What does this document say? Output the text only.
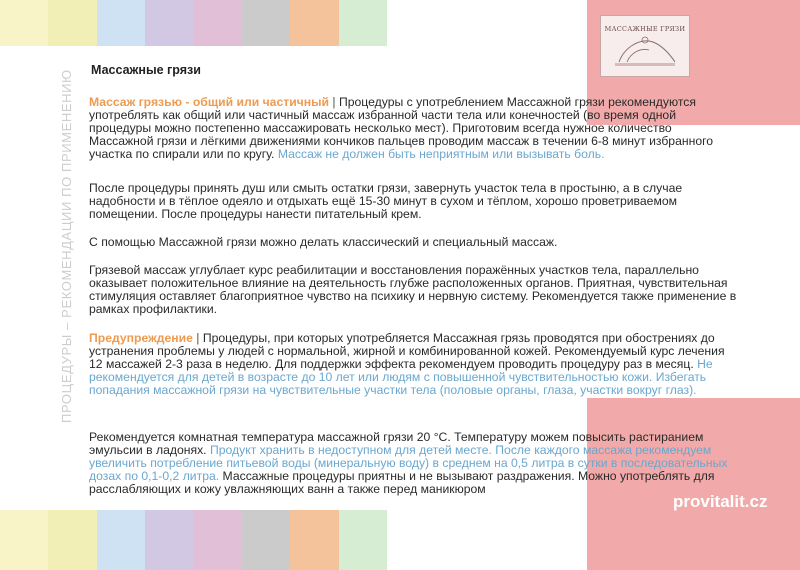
МАССАЖНЫЕ ГРЯЗИ
provitalit.cz
ПРОЦЕДУРЫ – РЕКОМЕНДАЦИИ ПО ПРИМЕНЕНИЮ Массажные грязи
Массаж грязью - общий или частичный | Процедуры с употреблением Массажной грязи рекомендуются употреблять как общий или частичный массаж избранной части тела или конечностей (во время одной процедуры можно постепенно массажировать несколько мест). Приготовим всегда нужное количество Массажной грязи и лёгкими движениями кончиков пальцев проводим массаж в течении 6-8 минут избранного участка по спирали или по кругу. Массаж не должен быть неприятным или вызывать боль.
После процедуры принять душ или смыть остатки грязи, завернуть участок тела в простыню, а в случае надобности и в тёплое одеяло и отдыхать ещё 15-30 минут в сухом и тёплом, хорошо проветриваемом помещении. После процедуры нанести питательный крем.
С помощью Массажной грязи можно делать классический и специальный массаж.
Грязевой массаж углублает курс реабилитации и восстановления поражённых участков тела, параллельно оказывает положительное влияние на деятельность глубже расположенных органов. Приятная, чувствительная стимуляция оставляет благоприятное чувство на психику и нервную систему. Рекомендуется также применение в рамках профилактики.
Предупреждение | Процедуры, при которых употребляется Массажная грязь проводятся при обострениях до устранения проблемы у людей с нормальной, жирной и комбинированной кожей. Рекомендуемый курс лечения 12 массажей 2-3 раза в неделю. Для поддержки эффекта рекомендуем проводить процедуру раз в месяц. Не рекомендуется для детей в возрасте до 10 лет или людям с повышенной чувствительностью кожи. Избегать попадания массажной грязи на чувствительные участки тела (половые органы, глаза, участки вокруг глаз).
Рекомендуется комнатная температура массажной грязи 20 °C. Температуру можем повысить растиранием эмульсии в ладонях. Продукт хранить в недоступном для детей месте. После каждого массажа рекомендуем увеличить потребление питьевой воды (минеральную воду) в среднем на 0,5 литра в сутки в последовательных дозах по 0,1-0,2 литра. Массажные процедуры приятны и не вызывают раздражения. Можно употреблять для расслабляющих и кожу увлажняющих ванн а также перед маникюром
